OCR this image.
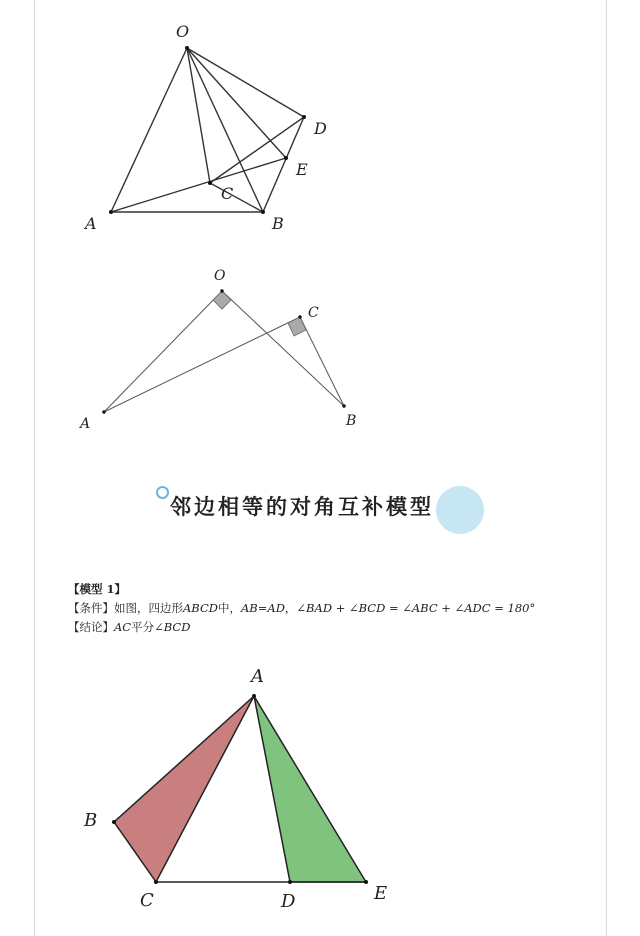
O
D
E
C
A	B
O
C
A	B
邻边相等的对角互补模型
【模型 1】
【条件】如图，四边形ABCD中，AB=AD，∠BAD + ∠BCD = ∠ABC + ∠ADC = 180°
【结论】AC平分∠BCD
A
B
C	D	E
